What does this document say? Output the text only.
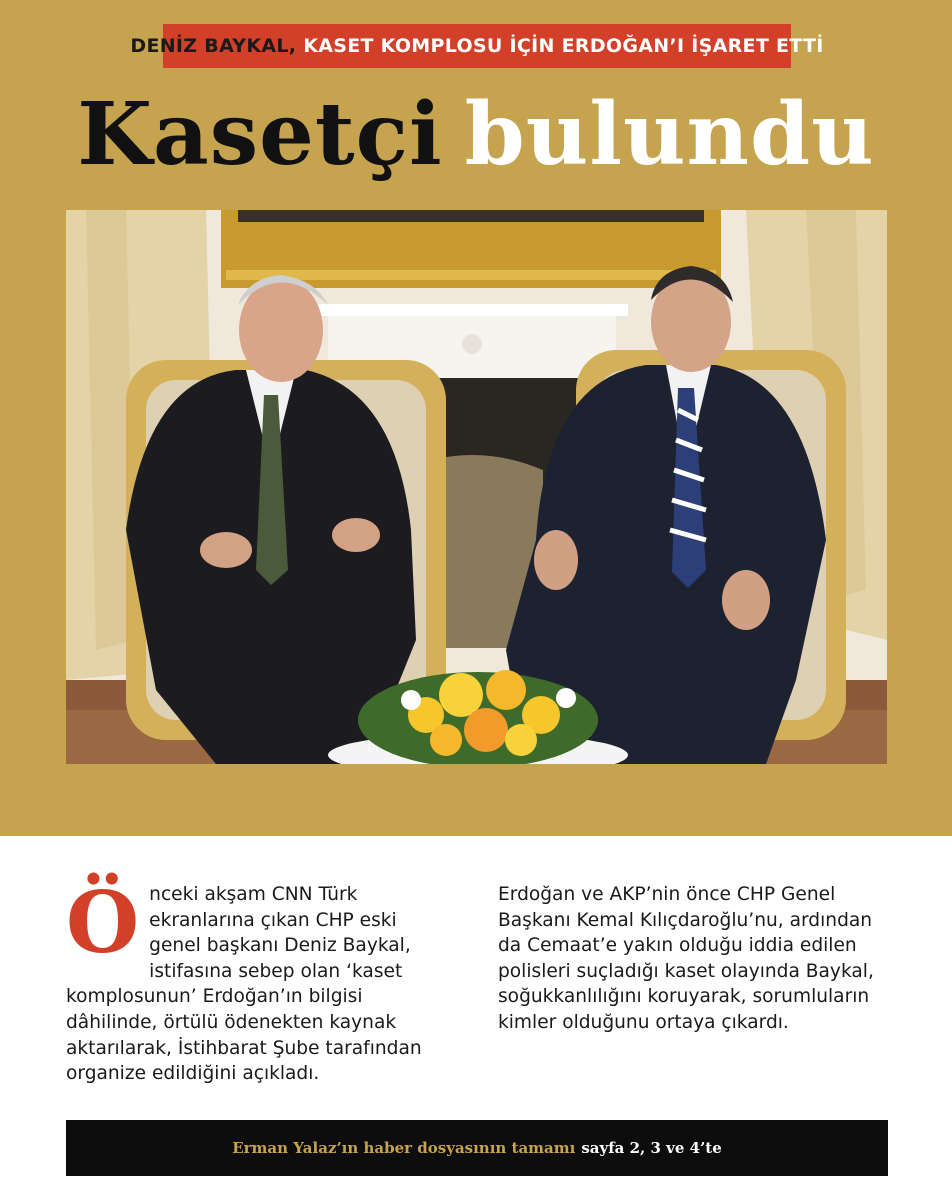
DENİZ BAYKAL,
KASET KOMPLOSU İÇİN ERDOĞAN’I İŞARET ETTİ
Kasetçi bulundu
Ö nceki akşam CNN Türk ekranlarına çıkan CHP eski genel başkanı Deniz Baykal, istifasına sebep olan ‘kaset komplosunun’ Erdoğan’ın bilgisi dâhilinde, örtülü ödenekten kaynak aktarılarak, İstihbarat Şube tarafından organize edildiğini açıkladı.

Erdoğan ve AKP’nin önce CHP Genel Başkanı Kemal Kılıçdaroğlu’nu, ardından da Cemaat’e yakın olduğu iddia edilen polisleri suçladığı kaset olayında Baykal, soğukkanlılığını koruyarak, sorumluların kimler olduğunu ortaya çıkardı.

Erman Yalaz’ın haber dosyasının tamamı sayfa 2, 3 ve 4’te
